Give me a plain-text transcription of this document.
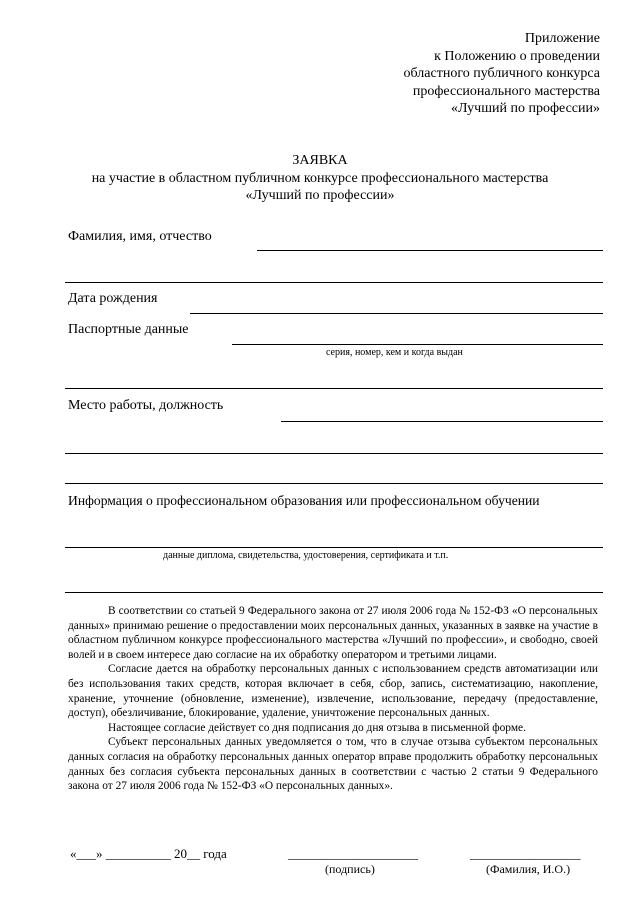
Приложение
к Положению о проведении
областного публичного конкурса
профессионального мастерства
«Лучший по профессии»
ЗАЯВКА
на участие в областном публичном конкурсе профессионального мастерства
«Лучший по профессии»
Фамилия, имя, отчество
Дата рождения
Паспортные данные
серия, номер, кем и когда выдан
Место работы, должность
Информация о профессиональном образования или профессиональном обучении
данные диплома, свидетельства, удостоверения, сертификата и т.п.

В соответствии со статьей 9 Федерального закона от 27 июля 2006 года № 152-ФЗ «О персональных данных» принимаю решение о предоставлении моих персональных данных, указанных в заявке на участие в областном публичном конкурсе профессионального мастерства «Лучший по профессии», и свободно, своей волей и в своем интересе даю согласие на их обработку оператором и третьими лицами.

Согласие дается на обработку персональных данных с использованием средств автоматизации или без использования таких средств, которая включает в себя, сбор, запись, систематизацию, накопление, хранение, уточнение (обновление, изменение), извлечение, использование, передачу (предоставление, доступ), обезличивание, блокирование, удаление, уничтожение персональных данных.

Настоящее согласие действует со дня подписания до дня отзыва в письменной форме.

Субъект персональных данных уведомляется о том, что в случае отзыва субъектом персональных данных согласия на обработку персональных данных оператор вправе продолжить обработку персональных данных без согласия субъекта персональных данных в соответствии с частью 2 статьи 9 Федерального закона от 27 июля 2006 года № 152-ФЗ «О персональных данных».

«___» __________ 20__ года	____________________
(подпись)
_________________
(Фамилия, И.О.)
